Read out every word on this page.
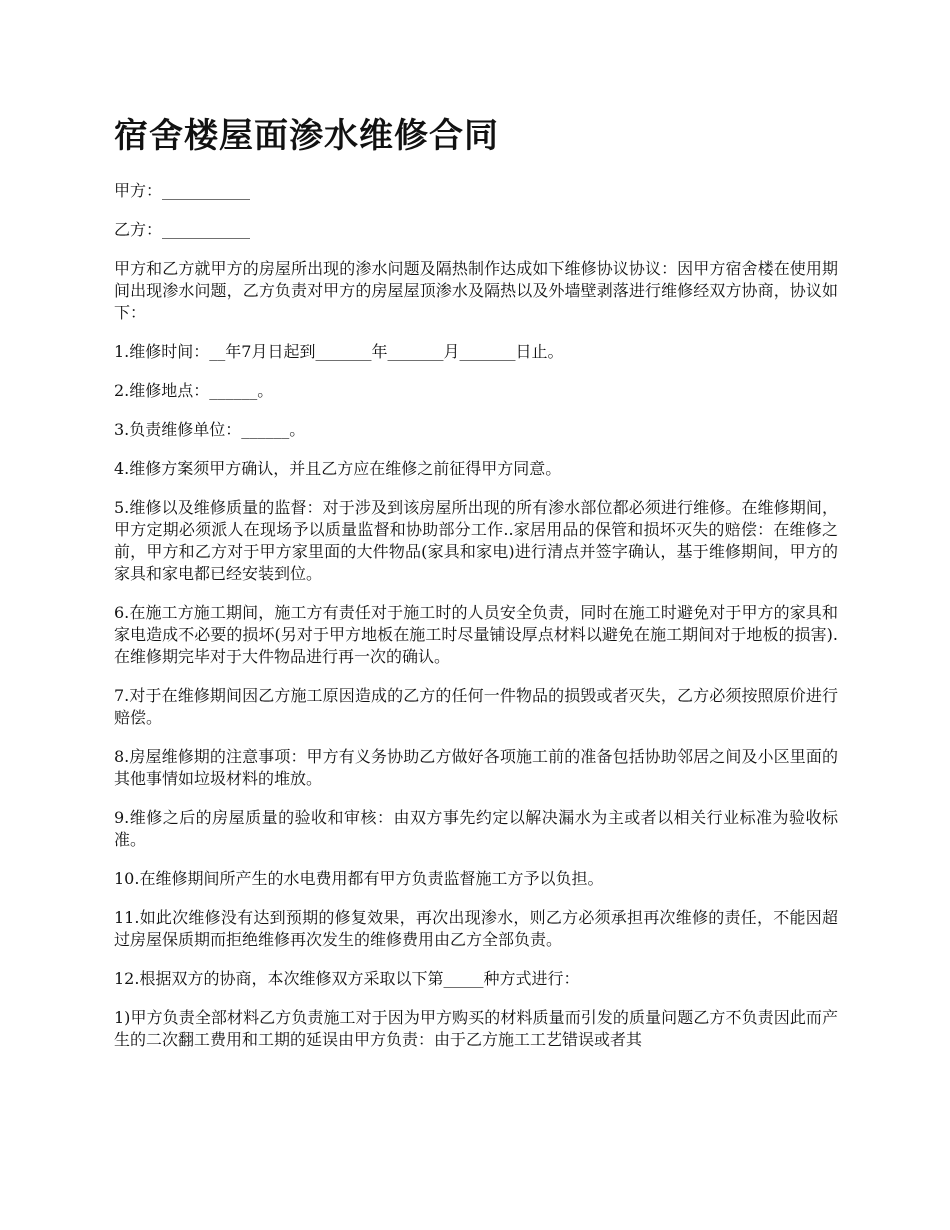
宿舍楼屋面渗水维修合同

甲方：___________

乙方：___________

甲方和乙方就甲方的房屋所出现的渗水问题及隔热制作达成如下维修协议协议：因甲方宿舍楼在使用期间出现渗水问题，乙方负责对甲方的房屋屋顶渗水及隔热以及外墙壁剥落进行维修经双方协商，协议如下：

1.维修时间：__年7月日起到_______年_______月_______日止。

2.维修地点：______。

3.负责维修单位：______。

4.维修方案须甲方确认，并且乙方应在维修之前征得甲方同意。

5.维修以及维修质量的监督：对于涉及到该房屋所出现的所有渗水部位都必须进行维修。在维修期间，甲方定期必须派人在现场予以质量监督和协助部分工作..家居用品的保管和损坏灭失的赔偿：在维修之前，甲方和乙方对于甲方家里面的大件物品(家具和家电)进行清点并签字确认，基于维修期间，甲方的家具和家电都已经安装到位。

6.在施工方施工期间，施工方有责任对于施工时的人员安全负责，同时在施工时避免对于甲方的家具和家电造成不必要的损坏(另对于甲方地板在施工时尽量铺设厚点材料以避免在施工期间对于地板的损害).在维修期完毕对于大件物品进行再一次的确认。

7.对于在维修期间因乙方施工原因造成的乙方的任何一件物品的损毁或者灭失，乙方必须按照原价进行赔偿。

8.房屋维修期的注意事项：甲方有义务协助乙方做好各项施工前的准备包括协助邻居之间及小区里面的其他事情如垃圾材料的堆放。

9.维修之后的房屋质量的验收和审核：由双方事先约定以解决漏水为主或者以相关行业标准为验收标准。

10.在维修期间所产生的水电费用都有甲方负责监督施工方予以负担。

11.如此次维修没有达到预期的修复效果，再次出现渗水，则乙方必须承担再次维修的责任，不能因超过房屋保质期而拒绝维修再次发生的维修费用由乙方全部负责。

12.根据双方的协商，本次维修双方采取以下第_____种方式进行：

1)甲方负责全部材料乙方负责施工对于因为甲方购买的材料质量而引发的质量问题乙方不负责因此而产生的二次翻工费用和工期的延误由甲方负责：由于乙方施工工艺错误或者其
